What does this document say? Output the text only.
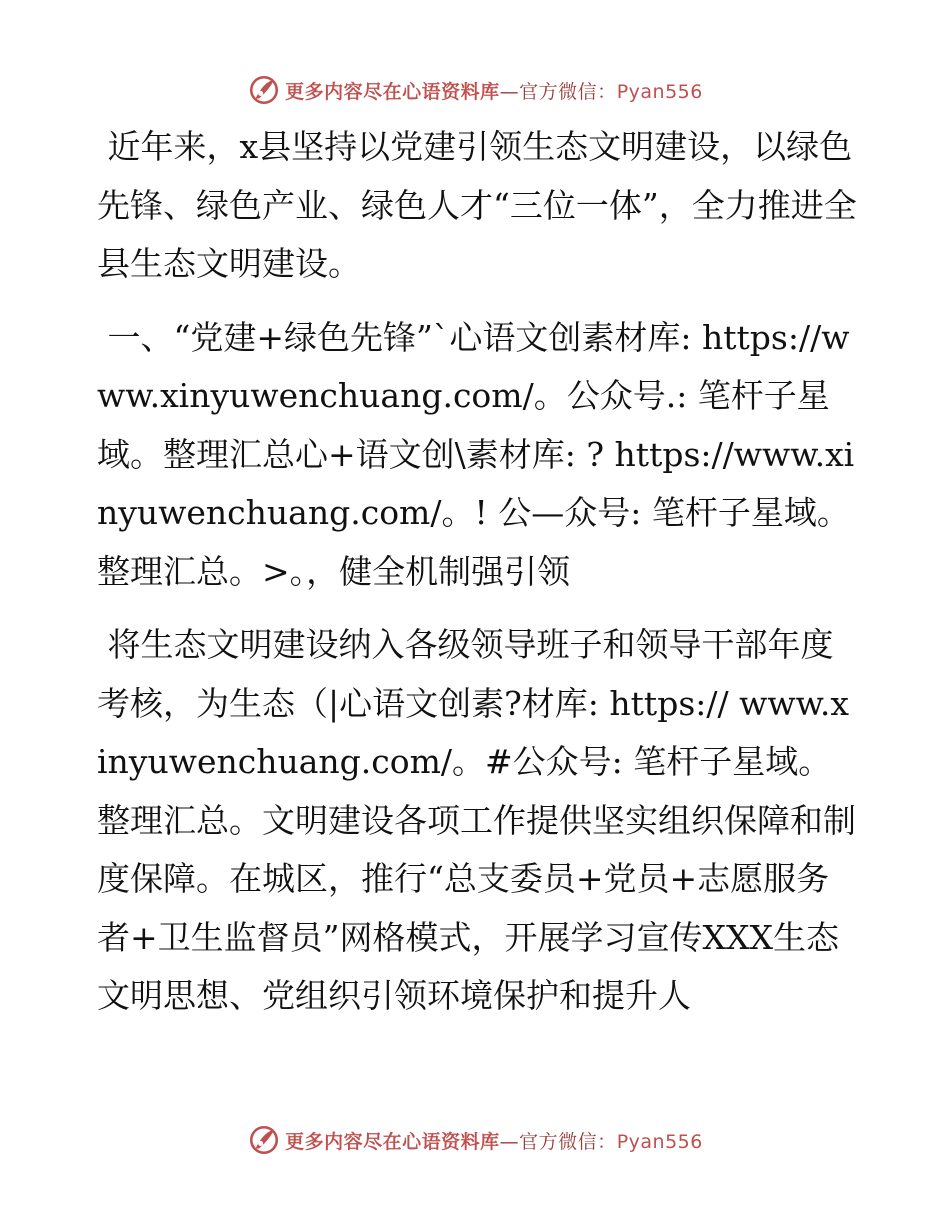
更多内容尽在心语资料库—官方微信：Pyan556

近年来，x县坚持以党建引领生态文明建设，以绿色先锋、绿色产业、绿色人才“三位一体”，全力推进全县生态文明建设。

一、“党建+绿色先锋”`心语文创素材库: https://www.xinyuwenchuang.com/。公众号.: 笔杆子星域。整理汇总心+语文创\素材库: ? https://www.xinyuwenchuang.com/。! 公—众号: 笔杆子星域。整理汇总。>。，健全机制强引领

将生态文明建设纳入各级领导班子和领导干部年度考核，为生态（|心语文创素?材库: https:// www.xinyuwenchuang.com/。#公众号: 笔杆子星域。整理汇总。文明建设各项工作提供坚实组织保障和制度保障。在城区，推行“总支委员+党员+志愿服务者+卫生监督员”网格模式，开展学习宣传XXX生态文明思想、党组织引领环境保护和提升人

更多内容尽在心语资料库—官方微信：Pyan556
